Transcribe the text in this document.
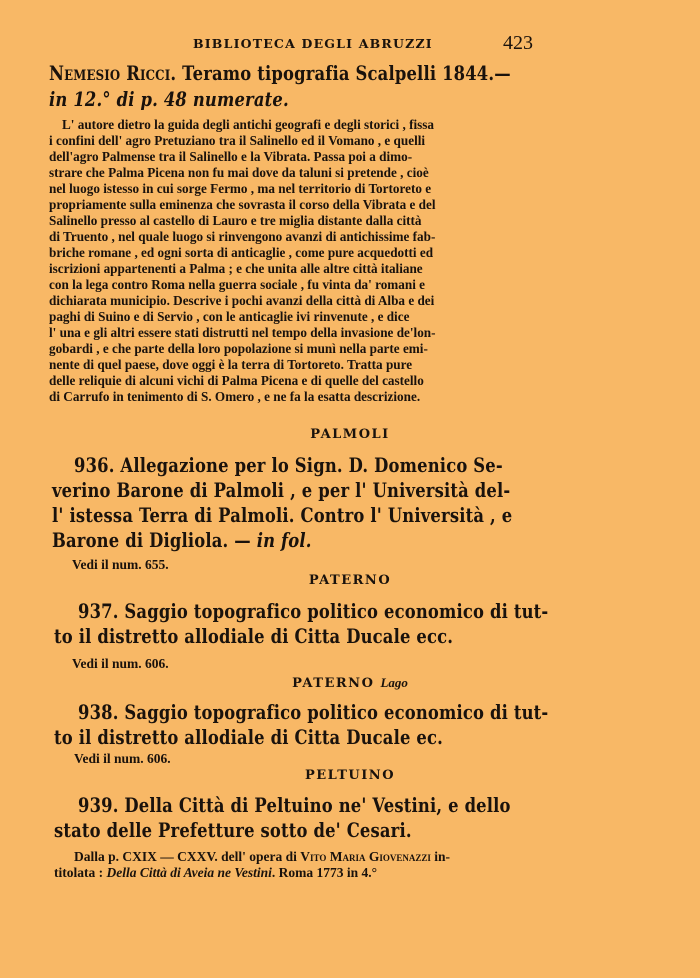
BIBLIOTECA DEGLI ABRUZZI	423
Nemesio Ricci. Teramo tipografia Scalpelli 1844.—
in 12.° di p. 48 numerate.
L' autore dietro la guida degli antichi geografi e degli storici , fissa
i confini dell' agro Pretuziano tra il Salinello ed il Vomano , e quelli
dell'agro Palmense tra il Salinello e la Vibrata. Passa poi a dimo-
strare che Palma Picena non fu mai dove da taluni si pretende , cioè
nel luogo istesso in cui sorge Fermo , ma nel territorio di Tortoreto e
propriamente sulla eminenza che sovrasta il corso della Vibrata e del
Salinello presso al castello di Lauro e tre miglia distante dalla città
di Truento , nel quale luogo si rinvengono avanzi di antichissime fab-
briche romane , ed ogni sorta di anticaglie , come pure acquedotti ed
iscrizioni appartenenti a Palma ; e che unita alle altre città italiane
con la lega contro Roma nella guerra sociale , fu vinta da' romani e
dichiarata municipio. Descrive i pochi avanzi della città di Alba e dei
paghi di Suino e di Servio , con le anticaglie ivi rinvenute , e dice
l' una e gli altri essere stati distrutti nel tempo della invasione de'lon-
gobardi , e che parte della loro popolazione si munì nella parte emi-
nente di quel paese, dove oggi è la terra di Tortoreto. Tratta pure
delle reliquie di alcuni vichi di Palma Picena e di quelle del castello
di Carrufo in tenimento di S. Omero , e ne fa la esatta descrizione.
PALMOLI
936. Allegazione per lo Sign. D. Domenico Se-
verino Barone di Palmoli , e per l' Università del-
l' istessa Terra di Palmoli. Contro l' Università , e
Barone di Digliola. — in fol.
Vedi il num. 655.
PATERNO
937. Saggio topografico politico economico di tut-
to il distretto allodiale di Citta Ducale ecc.
Vedi il num. 606.
PATERNO Lago
938. Saggio topografico politico economico di tut-
to il distretto allodiale di Citta Ducale ec.
Vedi il num. 606.
PELTUINO
939. Della Città di Peltuino ne' Vestini, e dello
stato delle Prefetture sotto de' Cesari.
Dalla p. CXIX — CXXV. dell' opera di Vito Maria Giovenazzi in-
titolata : Della Città di Aveia ne Vestini. Roma 1773 in 4.°
